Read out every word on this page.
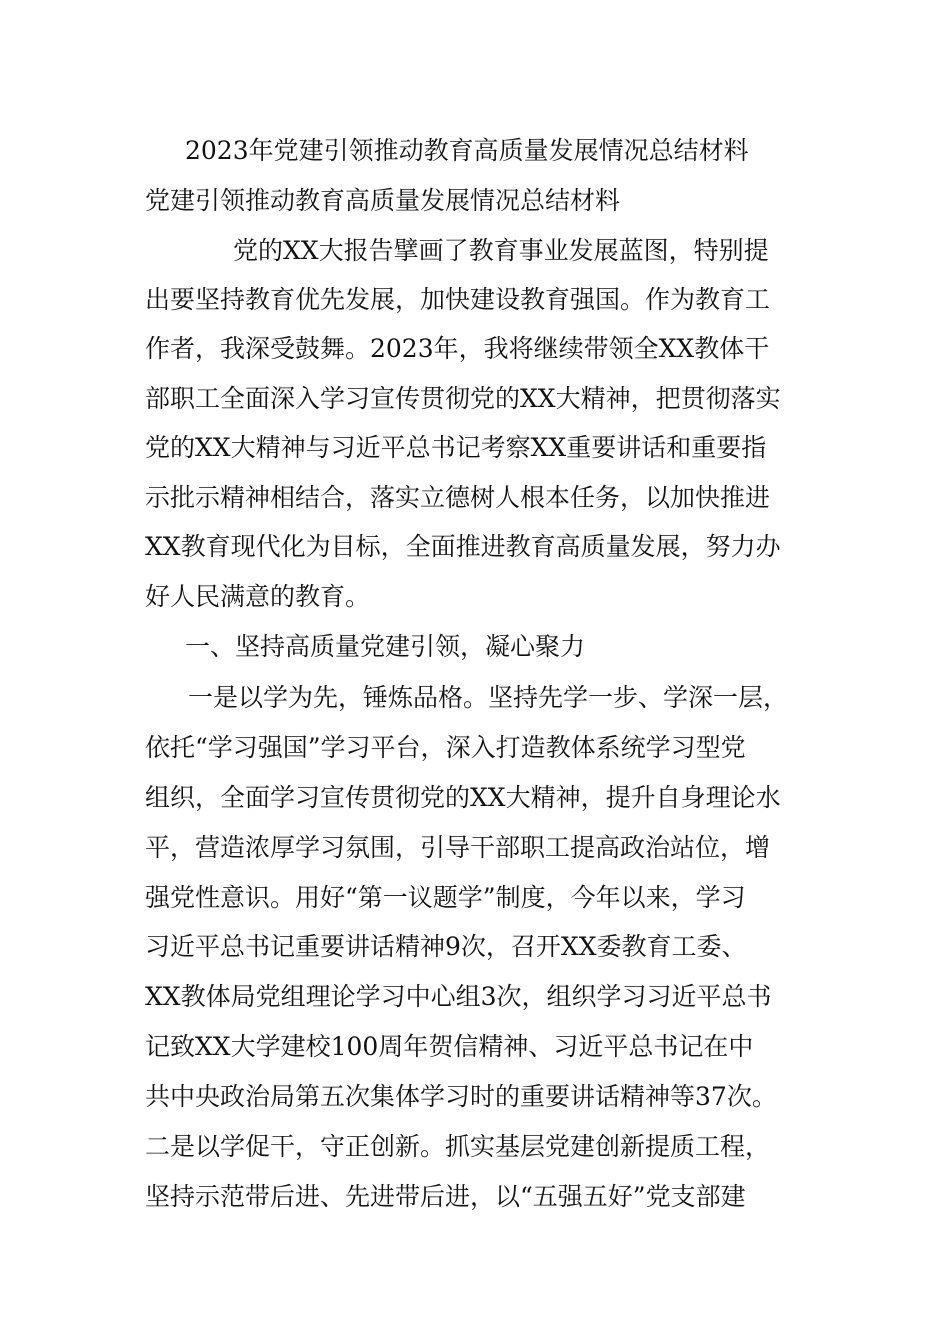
2023年党建引领推动教育高质量发展情况总结材料
党建引领推动教育高质量发展情况总结材料
党的XX大报告擘画了教育事业发展蓝图，特别提
出要坚持教育优先发展，加快建设教育强国。作为教育工
作者，我深受鼓舞。2023年，我将继续带领全XX教体干
部职工全面深入学习宣传贯彻党的XX大精神，把贯彻落实
党的XX大精神与习近平总书记考察XX重要讲话和重要指
示批示精神相结合，落实立德树人根本任务，以加快推进
XX教育现代化为目标，全面推进教育高质量发展，努力办
好人民满意的教育。
一、坚持高质量党建引领，凝心聚力
一是以学为先，锤炼品格。坚持先学一步、学深一层，
依托“学习强国”学习平台，深入打造教体系统学习型党
组织，全面学习宣传贯彻党的XX大精神，提升自身理论水
平，营造浓厚学习氛围，引导干部职工提高政治站位，增
强党性意识。用好“第一议题学”制度，今年以来，学习
习近平总书记重要讲话精神9次，召开XX委教育工委、
XX教体局党组理论学习中心组3次，组织学习习近平总书
记致XX大学建校100周年贺信精神、习近平总书记在中
共中央政治局第五次集体学习时的重要讲话精神等37次。
二是以学促干，守正创新。抓实基层党建创新提质工程，
坚持示范带后进、先进带后进，以“五强五好”党支部建
